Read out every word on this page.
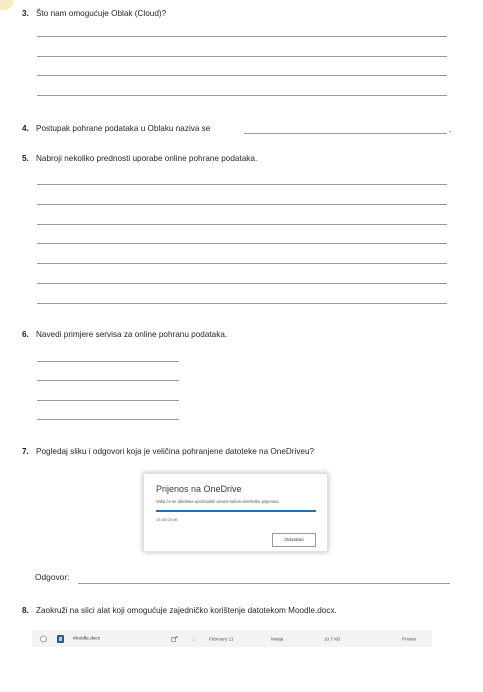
3. Što nam omogućuje Oblak (Cloud)?
4. Postupak pohrane podataka u Oblaku naziva se	.
5. Nabroji nekoliko prednosti uporabe online pohrane podataka.
6. Navedi primjere servisa za online pohranu podataka.
7. Pogledaj sliku i odgovori koja je veličina pohranjene datoteke na OneDriveu?
Prijenos na OneDrive
Vaša će se datoteka automatski otvoriti nakon dovršetka prijenosa.
25 kB/25 kB
Odustani
Odgovor:
8. Zaokruži na slici alat koji omogućuje zajedničko korištenje datotekom Moodle.docx.
Moodle.docx	⋮	February 11	Matija	10.7 KB	Private
